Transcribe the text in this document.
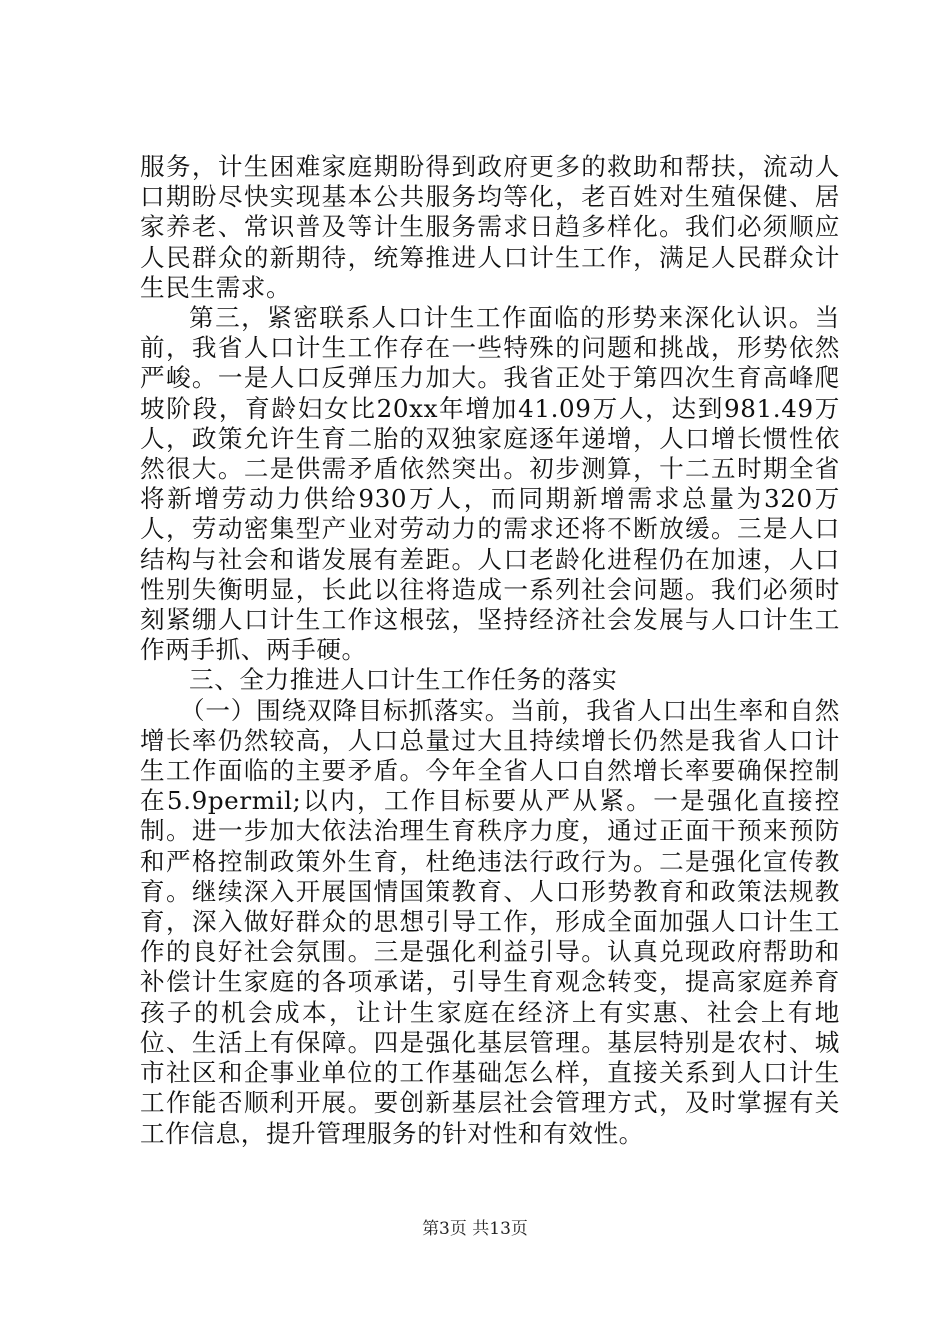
服务，计生困难家庭期盼得到政府更多的救助和帮扶，流动人口期盼尽快实现基本公共服务均等化，老百姓对生殖保健、居家养老、常识普及等计生服务需求日趋多样化。我们必须顺应人民群众的新期待，统筹推进人口计生工作，满足人民群众计生民生需求。

第三，紧密联系人口计生工作面临的形势来深化认识。当前，我省人口计生工作存在一些特殊的问题和挑战，形势依然严峻。一是人口反弹压力加大。我省正处于第四次生育高峰爬坡阶段，育龄妇女比20xx年增加41.09万人，达到981.49万人，政策允许生育二胎的双独家庭逐年递增，人口增长惯性依然很大。二是供需矛盾依然突出。初步测算，十二五时期全省将新增劳动力供给930万人，而同期新增需求总量为320万人，劳动密集型产业对劳动力的需求还将不断放缓。三是人口结构与社会和谐发展有差距。人口老龄化进程仍在加速，人口性别失衡明显，长此以往将造成一系列社会问题。我们必须时刻紧绷人口计生工作这根弦，坚持经济社会发展与人口计生工作两手抓、两手硬。

三、全力推进人口计生工作任务的落实

（一）围绕双降目标抓落实。当前，我省人口出生率和自然增长率仍然较高，人口总量过大且持续增长仍然是我省人口计生工作面临的主要矛盾。今年全省人口自然增长率要确保控制在5.9permil;以内，工作目标要从严从紧。一是强化直接控制。进一步加大依法治理生育秩序力度，通过正面干预来预防和严格控制政策外生育，杜绝违法行政行为。二是强化宣传教育。继续深入开展国情国策教育、人口形势教育和政策法规教育，深入做好群众的思想引导工作，形成全面加强人口计生工作的良好社会氛围。三是强化利益引导。认真兑现政府帮助和补偿计生家庭的各项承诺，引导生育观念转变，提高家庭养育孩子的机会成本，让计生家庭在经济上有实惠、社会上有地位、生活上有保障。四是强化基层管理。基层特别是农村、城市社区和企事业单位的工作基础怎么样，直接关系到人口计生工作能否顺利开展。要创新基层社会管理方式，及时掌握有关工作信息，提升管理服务的针对性和有效性。

第3页 共13页
